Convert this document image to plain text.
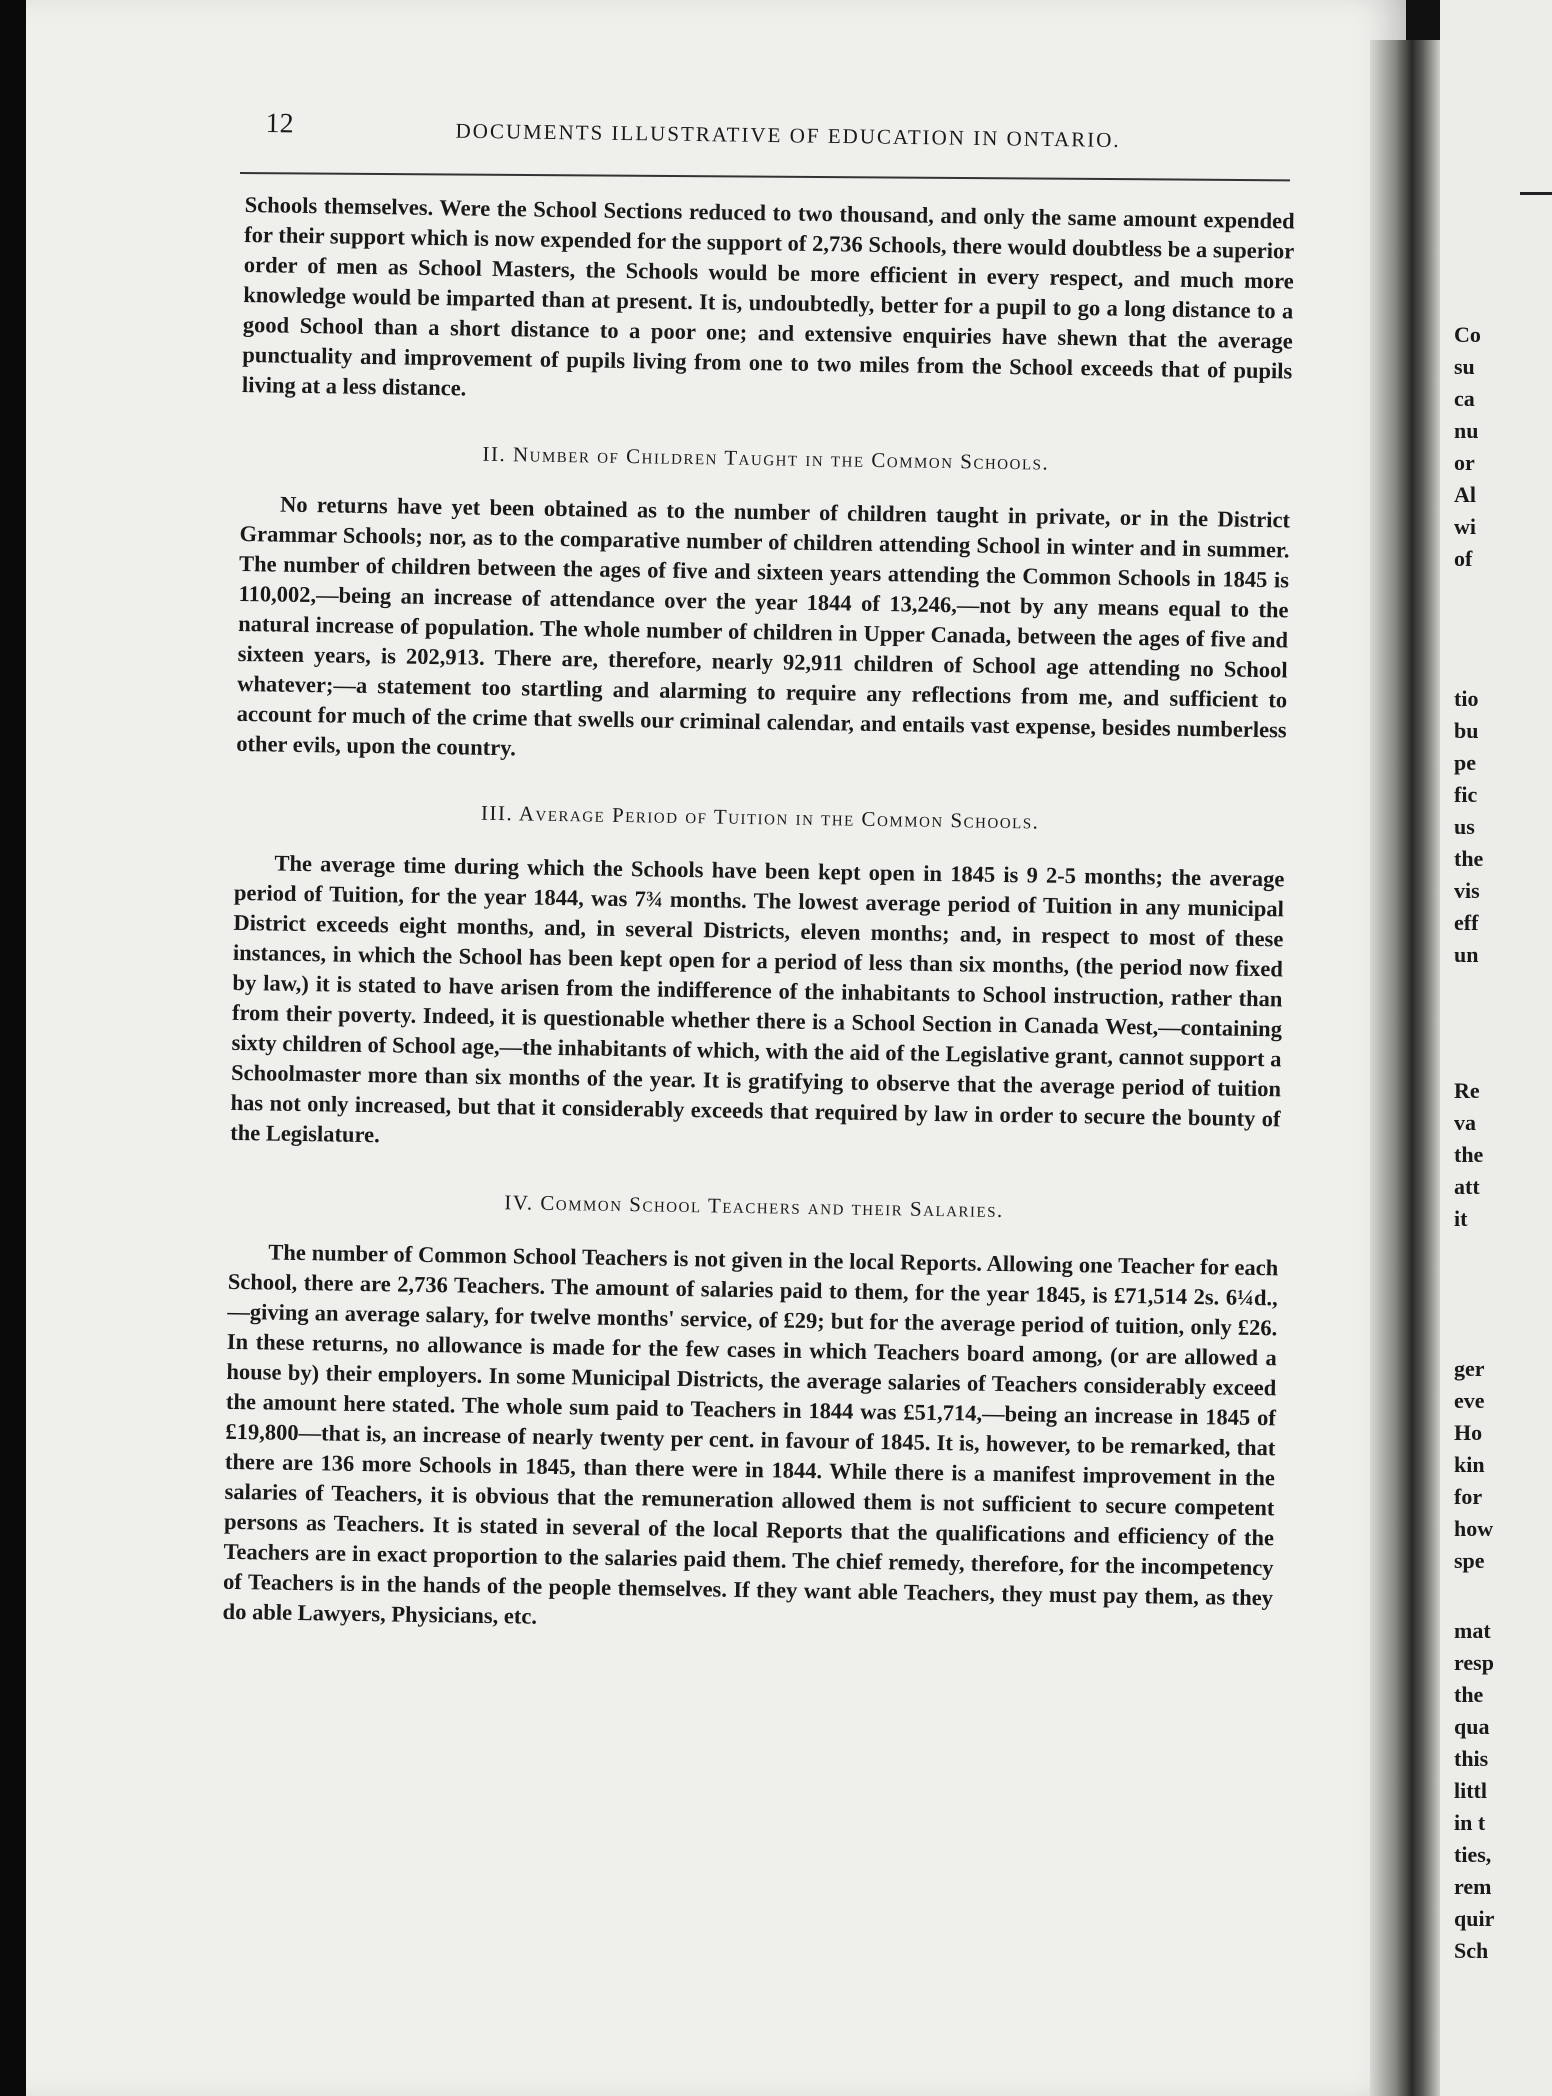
12	DOCUMENTS ILLUSTRATIVE OF EDUCATION IN ONTARIO.

Schools themselves. Were the School Sections reduced to two thousand, and only the same amount expended for their support which is now expended for the support of 2,736 Schools, there would doubtless be a superior order of men as School Masters, the Schools would be more efficient in every respect, and much more knowledge would be imparted than at present. It is, undoubtedly, better for a pupil to go a long distance to a good School than a short distance to a poor one; and extensive enquiries have shewn that the average punctuality and improvement of pupils living from one to two miles from the School exceeds that of pupils living at a less distance.

II. Number of Children Taught in the Common Schools.

No returns have yet been obtained as to the number of children taught in private, or in the District Grammar Schools; nor, as to the comparative number of children attending School in winter and in summer. The number of children between the ages of five and sixteen years attending the Common Schools in 1845 is 110,002,—being an increase of attendance over the year 1844 of 13,246,—not by any means equal to the natural increase of population. The whole number of children in Upper Canada, between the ages of five and sixteen years, is 202,913. There are, therefore, nearly 92,911 children of School age attending no School whatever;—a statement too startling and alarming to require any reflections from me, and sufficient to account for much of the crime that swells our criminal calendar, and entails vast expense, besides numberless other evils, upon the country.

III. Average Period of Tuition in the Common Schools.

The average time during which the Schools have been kept open in 1845 is 9 2-5 months; the average period of Tuition, for the year 1844, was 7¾ months. The lowest average period of Tuition in any municipal District exceeds eight months, and, in several Districts, eleven months; and, in respect to most of these instances, in which the School has been kept open for a period of less than six months, (the period now fixed by law,) it is stated to have arisen from the indifference of the inhabitants to School instruction, rather than from their poverty. Indeed, it is questionable whether there is a School Section in Canada West,—containing sixty children of School age,—the inhabitants of which, with the aid of the Legislative grant, cannot support a Schoolmaster more than six months of the year. It is gratifying to observe that the average period of tuition has not only increased, but that it considerably exceeds that required by law in order to secure the bounty of the Legislature.

IV. Common School Teachers and their Salaries.

The number of Common School Teachers is not given in the local Reports. Allowing one Teacher for each School, there are 2,736 Teachers. The amount of salaries paid to them, for the year 1845, is £71,514 2s. 6¼d.,—giving an average salary, for twelve months' service, of £29; but for the average period of tuition, only £26. In these returns, no allowance is made for the few cases in which Teachers board among, (or are allowed a house by) their employers. In some Municipal Districts, the average salaries of Teachers considerably exceed the amount here stated. The whole sum paid to Teachers in 1844 was £51,714,—being an increase in 1845 of £19,800—that is, an increase of nearly twenty per cent. in favour of 1845. It is, however, to be remarked, that there are 136 more Schools in 1845, than there were in 1844. While there is a manifest improvement in the salaries of Teachers, it is obvious that the remuneration allowed them is not sufficient to secure competent persons as Teachers. It is stated in several of the local Reports that the qualifications and efficiency of the Teachers are in exact proportion to the salaries paid them. The chief remedy, therefore, for the incompetency of Teachers is in the hands of the people themselves. If they want able Teachers, they must pay them, as they do able Lawyers, Physicians, etc.

Co
su
ca
nu
or
Al
wi
of
tio
bu
pe
fic
us
the
vis
eff
un
Re
va
the
att
it
ger
eve
Ho
kin
for
how
spe
mat
resp
the
qua
this
littl
in t
ties,
rem
quir
Sch
